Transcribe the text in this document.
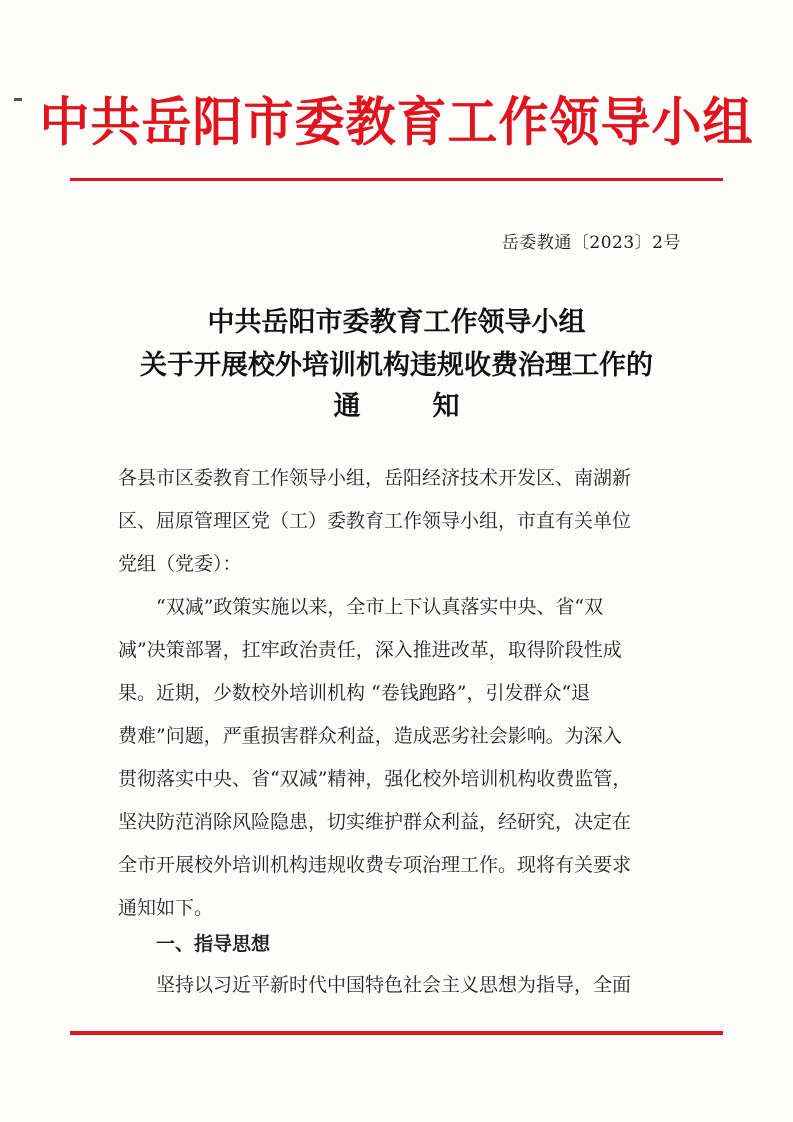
中共岳阳市委教育工作领导小组
岳委教通〔2023〕2号
中共岳阳市委教育工作领导小组
关于开展校外培训机构违规收费治理工作的
通	知
各县市区委教育工作领导小组，岳阳经济技术开发区、南湖新
区、屈原管理区党（工）委教育工作领导小组，市直有关单位
党组（党委）：
“双减”政策实施以来，全市上下认真落实中央、省“双
减”决策部署，扛牢政治责任，深入推进改革，取得阶段性成
果。近期，少数校外培训机构 “卷钱跑路”，引发群众“退
费难”问题，严重损害群众利益，造成恶劣社会影响。为深入
贯彻落实中央、省“双减”精神，强化校外培训机构收费监管，
坚决防范消除风险隐患，切实维护群众利益，经研究，决定在
全市开展校外培训机构违规收费专项治理工作。现将有关要求
通知如下。
一、指导思想
坚持以习近平新时代中国特色社会主义思想为指导，全面
